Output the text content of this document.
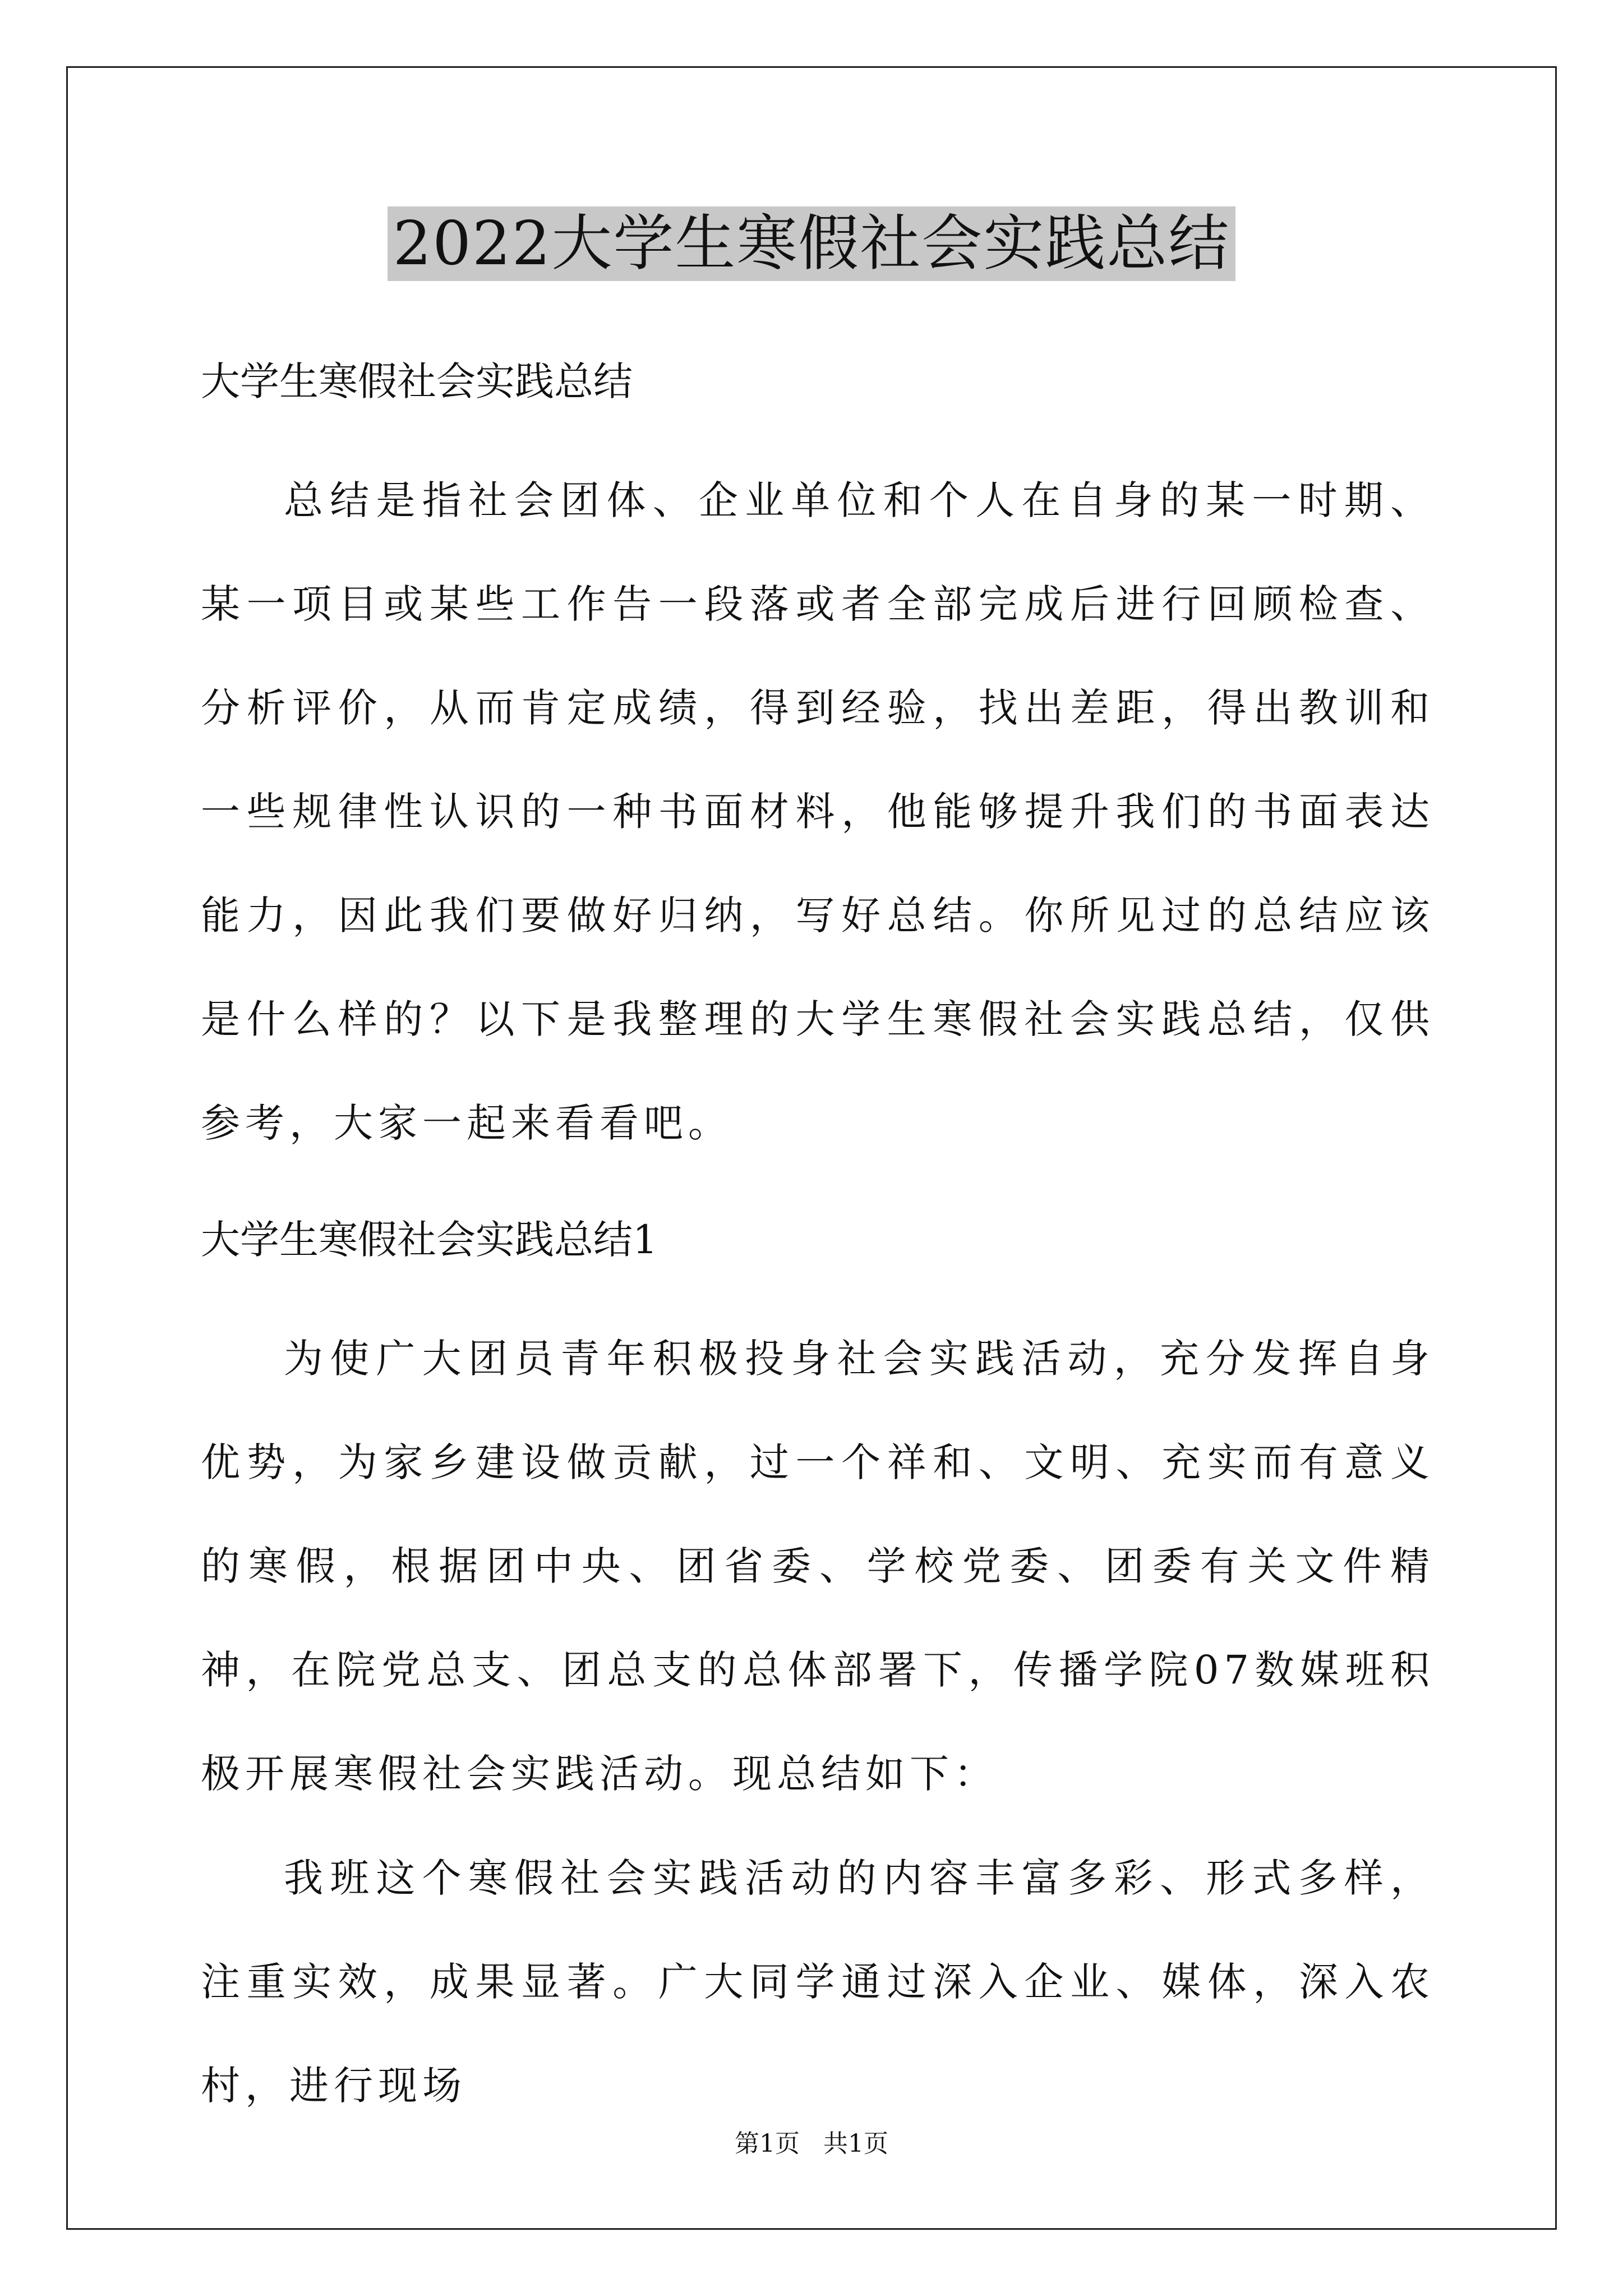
2022大学生寒假社会实践总结
大学生寒假社会实践总结

总结是指社会团体、企业单位和个人在自身的某一时期、某一项目或某些工作告一段落或者全部完成后进行回顾检查、分析评价，从而肯定成绩，得到经验，找出差距，得出教训和一些规律性认识的一种书面材料，他能够提升我们的书面表达能力，因此我们要做好归纳，写好总结。你所见过的总结应该是什么样的？以下是我整理的大学生寒假社会实践总结，仅供参考，大家一起来看看吧。

大学生寒假社会实践总结1

为使广大团员青年积极投身社会实践活动，充分发挥自身优势，为家乡建设做贡献，过一个祥和、文明、充实而有意义的寒假，根据团中央、团省委、学校党委、团委有关文件精神，在院党总支、团总支的总体部署下，传播学院07数媒班积极开展寒假社会实践活动。现总结如下：

我班这个寒假社会实践活动的内容丰富多彩、形式多样，注重实效，成果显著。广大同学通过深入企业、媒体，深入农村，进行现场

第1页   共1页
